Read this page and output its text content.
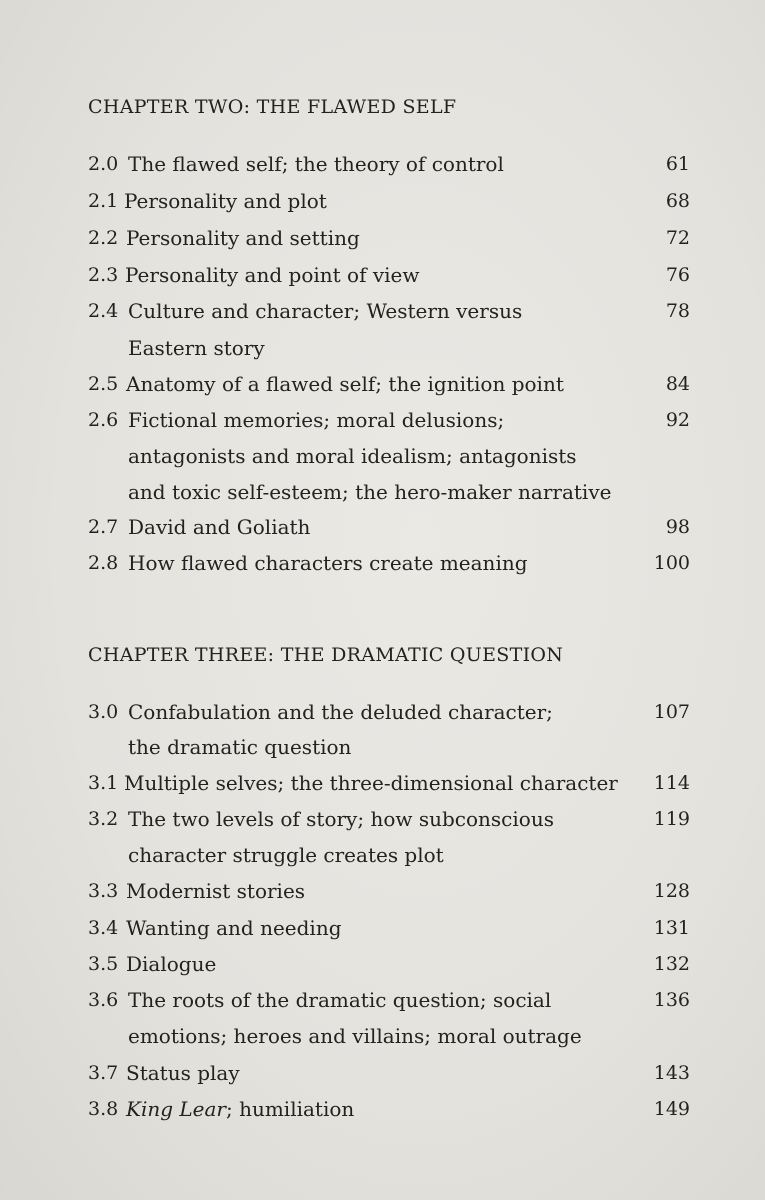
CHAPTER TWO: THE FLAWED SELF
2.0 The flawed self; the theory of control	61
2.1 Personality and plot	68
2.2 Personality and setting	72
2.3 Personality and point of view	76
2.4 Culture and character; Western versus	78
Eastern story
2.5 Anatomy of a flawed self; the ignition point	84
2.6 Fictional memories; moral delusions;	92
antagonists and moral idealism; antagonists
and toxic self-esteem; the hero-maker narrative
2.7 David and Goliath	98
2.8 How flawed characters create meaning	100
CHAPTER THREE: THE DRAMATIC QUESTION
3.0 Confabulation and the deluded character;	107
the dramatic question
3.1 Multiple selves; the three-dimensional character 114
3.2 The two levels of story; how subconscious	119
character struggle creates plot
3.3 Modernist stories	128
3.4 Wanting and needing	131
3.5 Dialogue	132
3.6 The roots of the dramatic question; social	136
emotions; heroes and villains; moral outrage
3.7 Status play	143
3.8 King Lear; humiliation	149
